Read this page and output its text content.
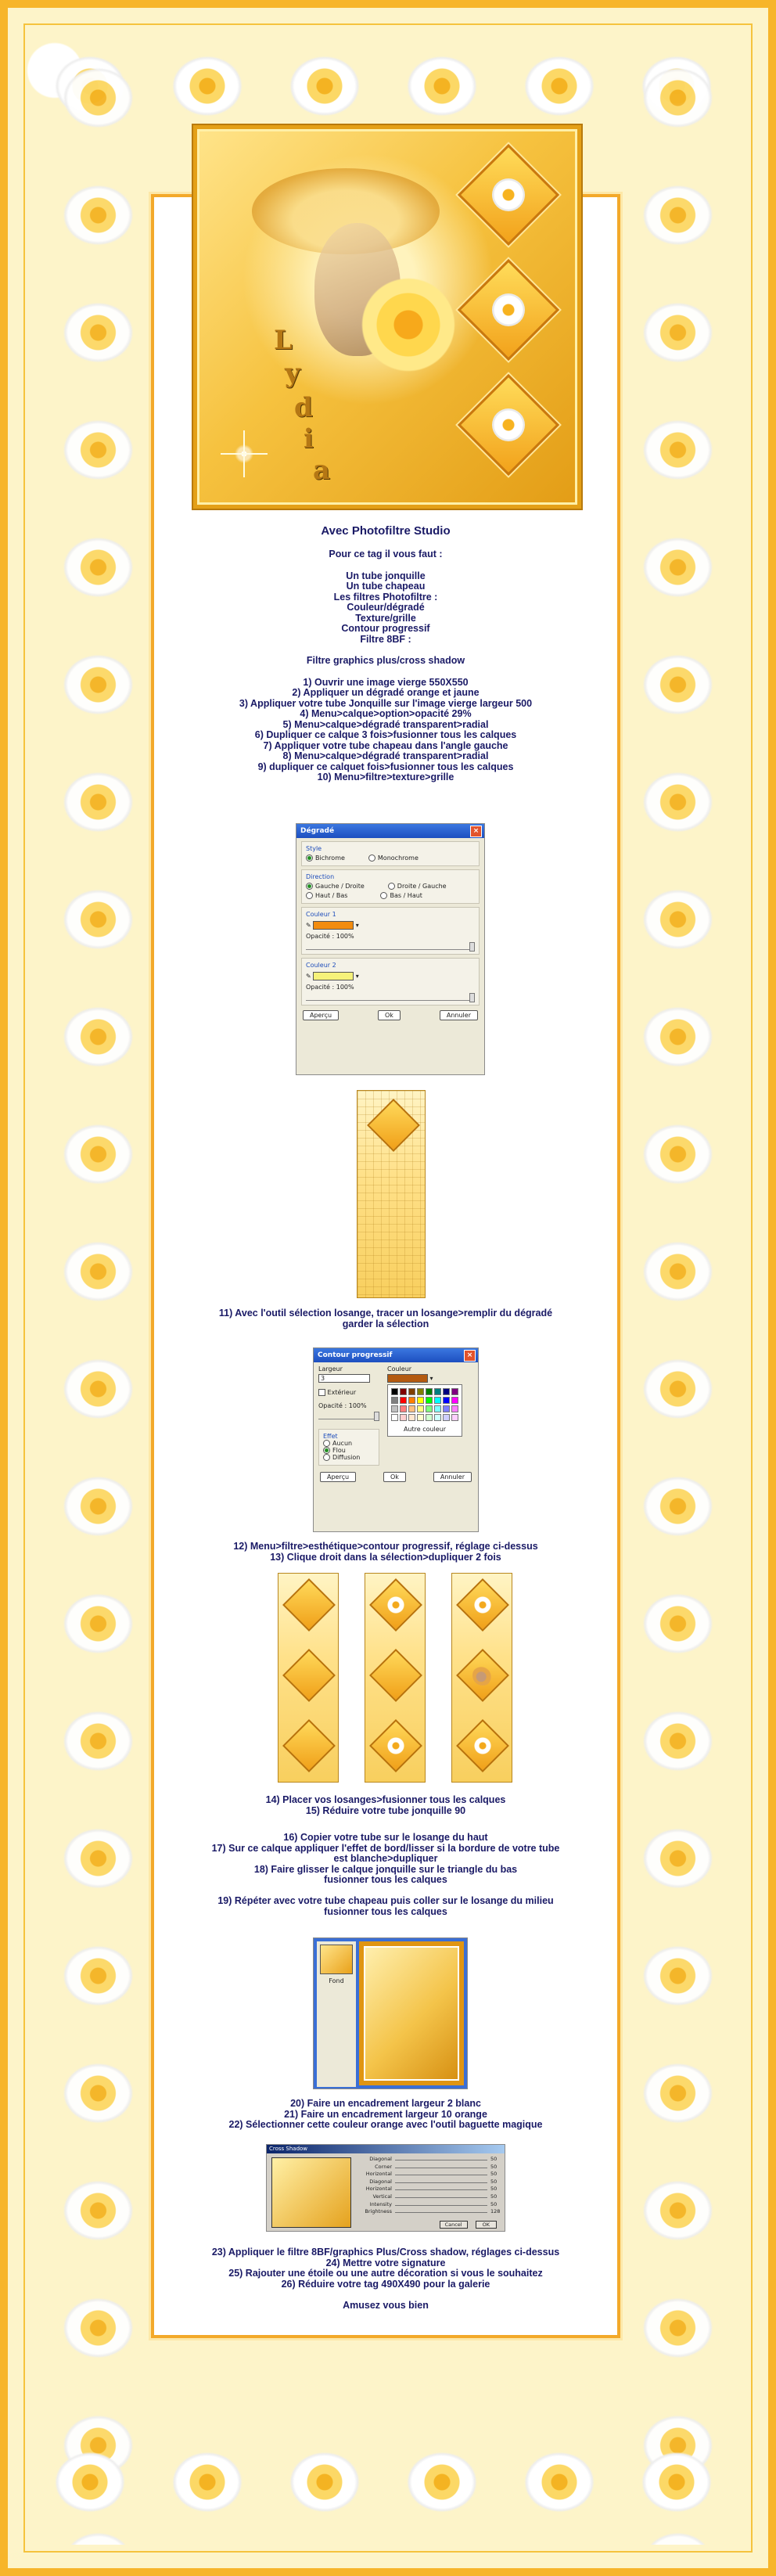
L
y
d
i
a
Avec Photofiltre Studio
Pour ce tag il vous faut :
Un tube jonquille
Un tube chapeau
Les filtres Photofiltre :
Couleur/dégradé
Texture/grille
Contour progressif
Filtre 8BF :
Filtre graphics plus/cross shadow
1) Ouvrir une image vierge 550X550
2) Appliquer un dégradé orange et jaune
3) Appliquer votre tube Jonquille sur l'image vierge largeur 500
4) Menu>calque>option>opacité 29%
5) Menu>calque>dégradé transparent>radial
6) Dupliquer ce calque 3 fois>fusionner tous les calques
7) Appliquer votre tube chapeau dans l'angle gauche
8) Menu>calque>dégradé transparent>radial
9) dupliquer ce calquet fois>fusionner tous les calques
10) Menu>filtre>texture>grille
Dégradé	×
Style
Bichrome	Monochrome
Direction
Gauche / Droite	Droite / Gauche
Haut / Bas	Bas / Haut
Couleur 1
✎	▾
Opacité : 100%
Couleur 2
✎	▾
Opacité : 100%
Aperçu	Ok	Annuler
11) Avec l'outil sélection losange, tracer un losange>remplir du dégradé
garder la sélection
Contour progressif	×
Largeur
3
Extérieur
Opacité : 100%
Effet
Aucun
Flou
Diffusion
Couleur
▾
Autre couleur
Aperçu	Ok	Annuler
12) Menu>filtre>esthétique>contour progressif, réglage ci-dessus
13) Clique droit dans la sélection>dupliquer 2 fois
14) Placer vos losanges>fusionner tous les calques
15) Réduire votre tube jonquille 90
16) Copier votre tube sur le losange du haut
17) Sur ce calque appliquer l'effet de bord/lisser si la bordure de votre tube
est blanche>dupliquer
18) Faire glisser le calque jonquille sur le triangle du bas
fusionner tous les calques
19) Répéter avec votre tube chapeau puis coller sur le losange du milieu
fusionner tous les calques
Fond
20) Faire un encadrement largeur 2 blanc
21) Faire un encadrement largeur 10 orange
22) Sélectionner cette couleur orange avec l'outil baguette magique
Cross Shadow
Diagonal	50
Corner	50
Horizontal	50
Diagonal	50
Horizontal	50
Vertical	50
Intensity	50
Brightness	128
Cancel	OK
23) Appliquer le filtre 8BF/graphics Plus/Cross shadow, réglages ci-dessus
24) Mettre votre signature
25) Rajouter une étoile ou une autre décoration si vous le souhaitez
26) Réduire votre tag 490X490 pour la galerie
Amusez vous bien
